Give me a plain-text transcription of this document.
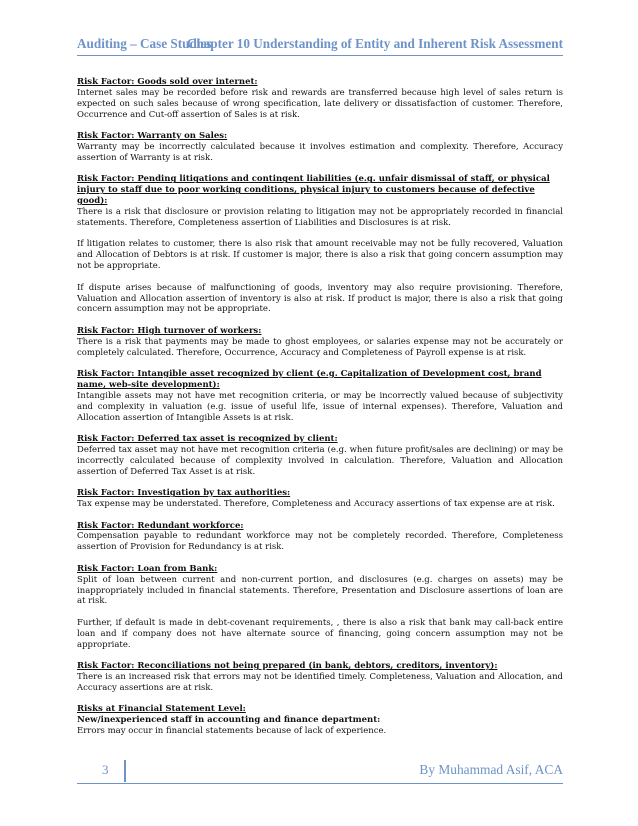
Auditing – Case Studies
Chapter 10 Understanding of Entity and Inherent Risk Assessment
Risk Factor: Goods sold over internet:
Internet sales may be recorded before risk and rewards are transferred because high level of sales return is expected on such sales because of wrong specification, late delivery or dissatisfaction of customer. Therefore, Occurrence and Cut-off assertion of Sales is at risk.
Risk Factor: Warranty on Sales:
Warranty may be incorrectly calculated because it involves estimation and complexity. Therefore, Accuracy assertion of Warranty is at risk.
Risk Factor: Pending litigations and contingent liabilities (e.g. unfair dismissal of staff, or physical injury to staff due to poor working conditions, physical injury to customers because of defective good):
There is a risk that disclosure or provision relating to litigation may not be appropriately recorded in financial statements. Therefore, Completeness assertion of Liabilities and Disclosures is at risk.
If litigation relates to customer, there is also risk that amount receivable may not be fully recovered, Valuation and Allocation of Debtors is at risk. If customer is major, there is also a risk that going concern assumption may not be appropriate.
If dispute arises because of malfunctioning of goods, inventory may also require provisioning. Therefore, Valuation and Allocation assertion of inventory is also at risk. If product is major, there is also a risk that going concern assumption may not be appropriate.
Risk Factor: High turnover of workers:
There is a risk that payments may be made to ghost employees, or salaries expense may not be accurately or completely calculated. Therefore, Occurrence, Accuracy and Completeness of Payroll expense is at risk.
Risk Factor: Intangible asset recognized by client (e.g. Capitalization of Development cost, brand name, web-site development):
Intangible assets may not have met recognition criteria, or may be incorrectly valued because of subjectivity and complexity in valuation (e.g. issue of useful life, issue of internal expenses). Therefore, Valuation and Allocation assertion of Intangible Assets is at risk.
Risk Factor: Deferred tax asset is recognized by client:
Deferred tax asset may not have met recognition criteria (e.g. when future profit/sales are declining) or may be incorrectly calculated because of complexity involved in calculation. Therefore, Valuation and Allocation assertion of Deferred Tax Asset is at risk.
Risk Factor: Investigation by tax authorities:
Tax expense may be understated. Therefore, Completeness and Accuracy assertions of tax expense are at risk.
Risk Factor: Redundant workforce:
Compensation payable to redundant workforce may not be completely recorded. Therefore, Completeness assertion of Provision for Redundancy is at risk.
Risk Factor: Loan from Bank:
Split of loan between current and non-current portion, and disclosures (e.g. charges on assets) may be inappropriately included in financial statements. Therefore, Presentation and Disclosure assertions of loan are at risk.
Further, if default is made in debt-covenant requirements, , there is also a risk that bank may call-back entire loan and if company does not have alternate source of financing, going concern assumption may not be appropriate.
Risk Factor: Reconciliations not being prepared (in bank, debtors, creditors, inventory):
There is an increased risk that errors may not be identified timely. Completeness, Valuation and Allocation, and Accuracy assertions are at risk.
Risks at Financial Statement Level:
New/inexperienced staff in accounting and finance department:
Errors may occur in financial statements because of lack of experience.
3	By Muhammad Asif, ACA
